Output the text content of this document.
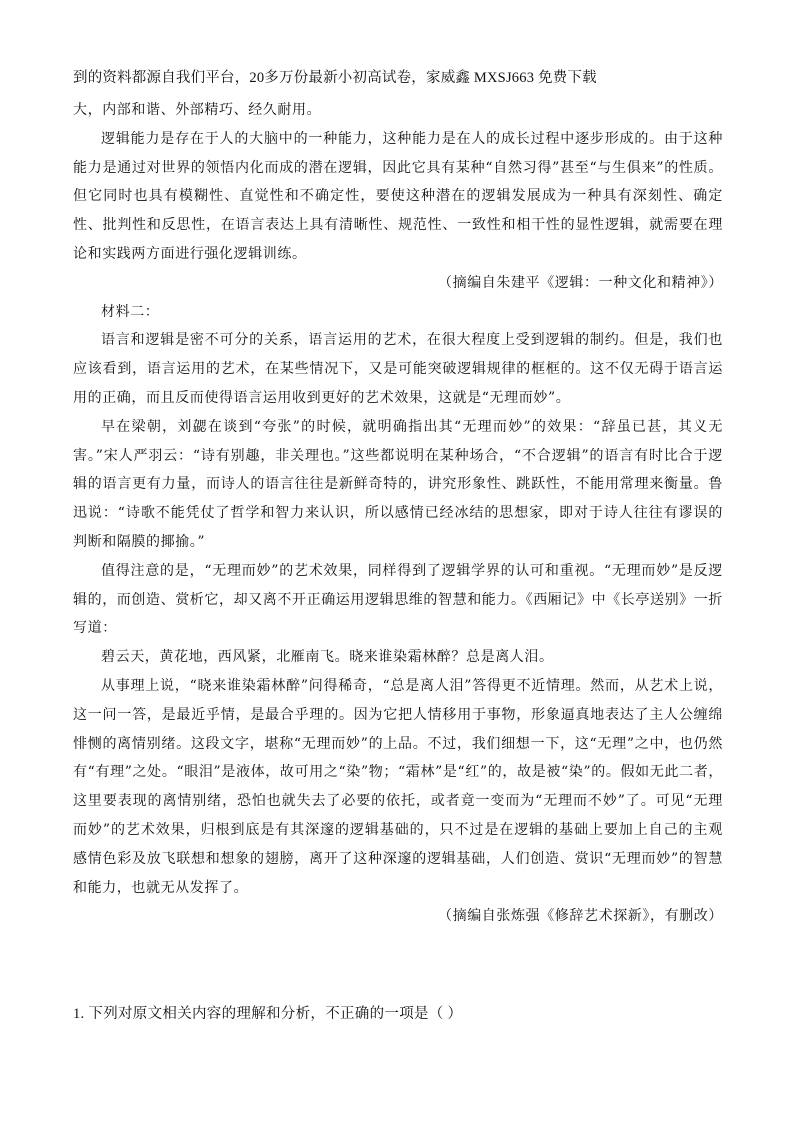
到的资料都源自我们平台，20多万份最新小初高试卷，家威鑫 MXSJ663 免费下载

大，内部和谐、外部精巧、经久耐用。

逻辑能力是存在于人的大脑中的一种能力，这种能力是在人的成长过程中逐步形成的。由于这种能力是通过对世界的领悟内化而成的潜在逻辑，因此它具有某种“自然习得”甚至“与生俱来”的性质。但它同时也具有模糊性、直觉性和不确定性，要使这种潜在的逻辑发展成为一种具有深刻性、确定性、批判性和反思性，在语言表达上具有清晰性、规范性、一致性和相干性的显性逻辑，就需要在理论和实践两方面进行强化逻辑训练。

（摘编自朱建平《逻辑：一种文化和精神》）

材料二：

语言和逻辑是密不可分的关系，语言运用的艺术，在很大程度上受到逻辑的制约。但是，我们也应该看到，语言运用的艺术，在某些情况下，又是可能突破逻辑规律的框框的。这不仅无碍于语言运用的正确，而且反而使得语言运用收到更好的艺术效果，这就是“无理而妙”。

早在梁朝，刘勰在谈到“夸张”的时候，就明确指出其“无理而妙”的效果：“辞虽已甚，其义无害。”宋人严羽云：“诗有别趣，非关理也。”这些都说明在某种场合，“不合逻辑”的语言有时比合于逻辑的语言更有力量，而诗人的语言往往是新鲜奇特的，讲究形象性、跳跃性，不能用常理来衡量。鲁迅说：“诗歌不能凭仗了哲学和智力来认识，所以感情已经冰结的思想家，即对于诗人往往有谬误的判断和隔膜的揶揄。”

值得注意的是，“无理而妙”的艺术效果，同样得到了逻辑学界的认可和重视。“无理而妙”是反逻辑的，而创造、赏析它，却又离不开正确运用逻辑思维的智慧和能力。《西厢记》中《长亭送别》一折写道：

碧云天，黄花地，西风紧，北雁南飞。晓来谁染霜林醉？总是离人泪。

从事理上说，“晓来谁染霜林醉”问得稀奇，“总是离人泪”答得更不近情理。然而，从艺术上说，这一问一答，是最近乎情，是最合乎理的。因为它把人情移用于事物，形象逼真地表达了主人公缠绵悱恻的离情别绪。这段文字，堪称“无理而妙”的上品。不过，我们细想一下，这“无理”之中，也仍然有“有理”之处。“眼泪”是液体，故可用之“染”物；“霜林”是“红”的，故是被“染”的。假如无此二者，这里要表现的离情别绪，恐怕也就失去了必要的依托，或者竟一变而为“无理而不妙”了。可见“无理而妙”的艺术效果，归根到底是有其深邃的逻辑基础的，只不过是在逻辑的基础上要加上自己的主观感情色彩及放飞联想和想象的翅膀，离开了这种深邃的逻辑基础，人们创造、赏识“无理而妙”的智慧和能力，也就无从发挥了。

（摘编自张炼强《修辞艺术探新》，有删改）

1. 下列对原文相关内容的理解和分析，不正确的一项是（ ）
